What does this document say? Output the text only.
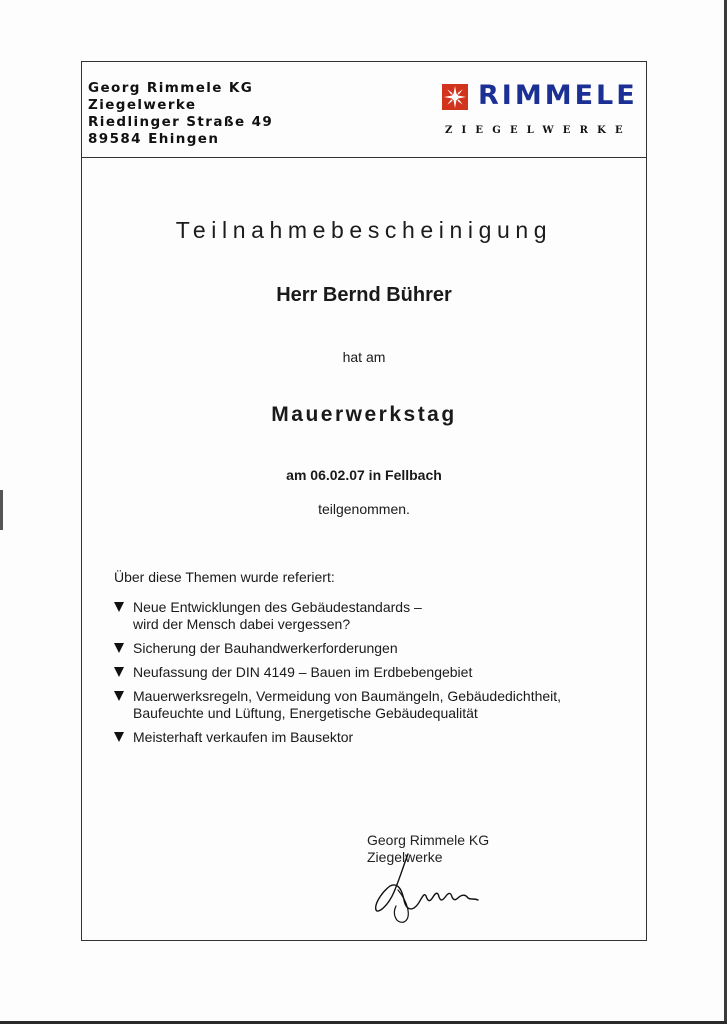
Georg Rimmele KG
Ziegelwerke
Riedlinger Straße 49
89584 Ehingen
RIMMELE
ZIEGELWERKE
Teilnahmebescheinigung
Herr Bernd Bührer
hat am
Mauerwerkstag
am 06.02.07 in Fellbach
teilgenommen.
Über diese Themen wurde referiert:
Neue Entwicklungen des Gebäudestandards –
wird der Mensch dabei vergessen?
Sicherung der Bauhandwerkerforderungen
Neufassung der DIN 4149 – Bauen im Erdbebengebiet
Mauerwerksregeln, Vermeidung von Baumängeln, Gebäudedichtheit,
Baufeuchte und Lüftung, Energetische Gebäudequalität
Meisterhaft verkaufen im Bausektor
Georg Rimmele KG
Ziegelwerke
